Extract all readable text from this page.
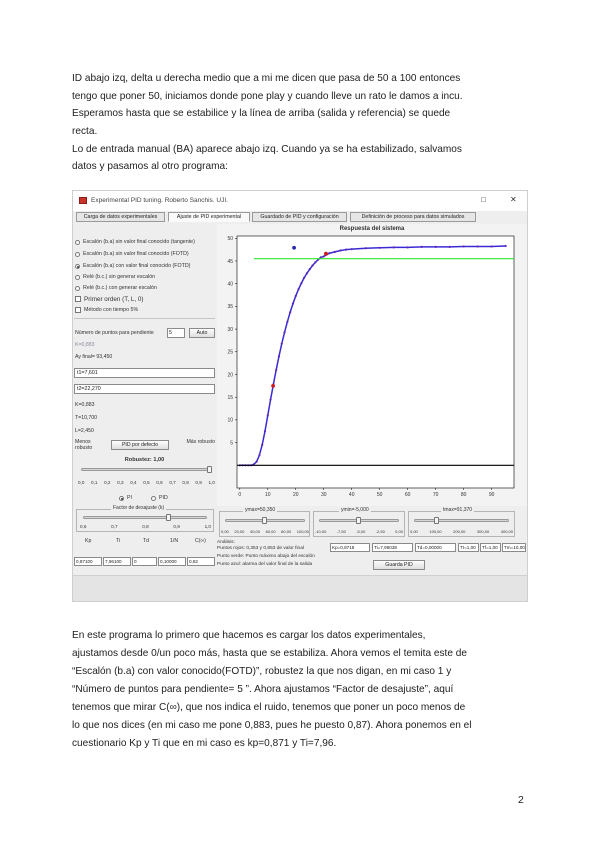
ID abajo izq, delta u derecha medio que a mi me dicen que pasa de 50 a 100 entonces
tengo que poner 50, iniciamos donde pone play y cuando lleve un rato le damos a incu.
Esperamos hasta que se estabilice y la línea de arriba (salida y referencia) se quede
recta.
Lo de entrada manual (BA) aparece abajo izq. Cuando ya se ha estabilizado, salvamos
datos y pasamos al otro programa:
Experimental PID tuning. Roberto Sanchis. UJI.	□	✕
Carga de datos experimentales	Ajuste de PID experimental	Guardado de PID y configuración	Definición de proceso para datos simulados
Escalón (b.a) sin valor final conocido (tangente)
Escalón (b.a) sin valor final conocido (FOTD)
Escalón (b.a) con valor final conocido (FOTD)
Relé (b.c.) sin generar escalón
Relé (b.c.) con generar escalón
Primer orden (T, L, 0)
Método con tiempo 5%
Número de puntos para pendiente	5	Auto
K=0,883
Ay final= 93,450
t1=7,601
t2=22,270
K=0,883
T=10,700
L=2,450
Menos robusto	PID por defecto	Más robusto
Robustez: 1,00
0,0 0,1 0,2 0,3 0,4 0,5 0,6 0,7 0,8 0,9 1,0
PI	PID
Factor de desajuste (k)
0,6	0,7	0,8	0,9	1,0
Kp	Ti	Td	1/N	C(∞)
0,87100	7,96100	0	0,10000	0,82
Respuesta del sistema
5
10
15
20
25
30
35
40
45
50
0	10	20	30	40	50	60	70	80	90
ymax=50,350
0,00 20,00 40,00 60,00 80,00 100,00
ymin=-5,000
-10,00	-7,50	-5,00	-2,50	0,00
tmax=91,370
0,00	100,00	200,00	300,00	400,00
Análisis:
Puntos rojos: 0,353 y 0,853 de valor final
Punto verde: Punto máximo abajo del escalón
Punto azul: alarma del valor final de la salida
Kp=0,8718	Ti=7,96038	Td=0,00000	Tt=1,00	Tf=1,00	Tm=10,00
Guarda PID
En este programa lo primero que hacemos es cargar los datos experimentales,
ajustamos desde 0/un poco más, hasta que se estabiliza. Ahora vemos el temita este de
“Escalón (b.a) con valor conocido(FOTD)”, robustez la que nos digan, en mi caso 1 y
“Número de puntos para pendiente= 5 ”. Ahora ajustamos “Factor de desajuste”, aquí
tenemos que mirar C(∞), que nos indica el ruido, tenemos que poner un poco menos de
lo que nos dices (en mi caso me pone 0,883, pues he puesto 0,87). Ahora ponemos en el
cuestionario Kp y Ti que en mi caso es kp=0,871 y Ti=7,96.
2
